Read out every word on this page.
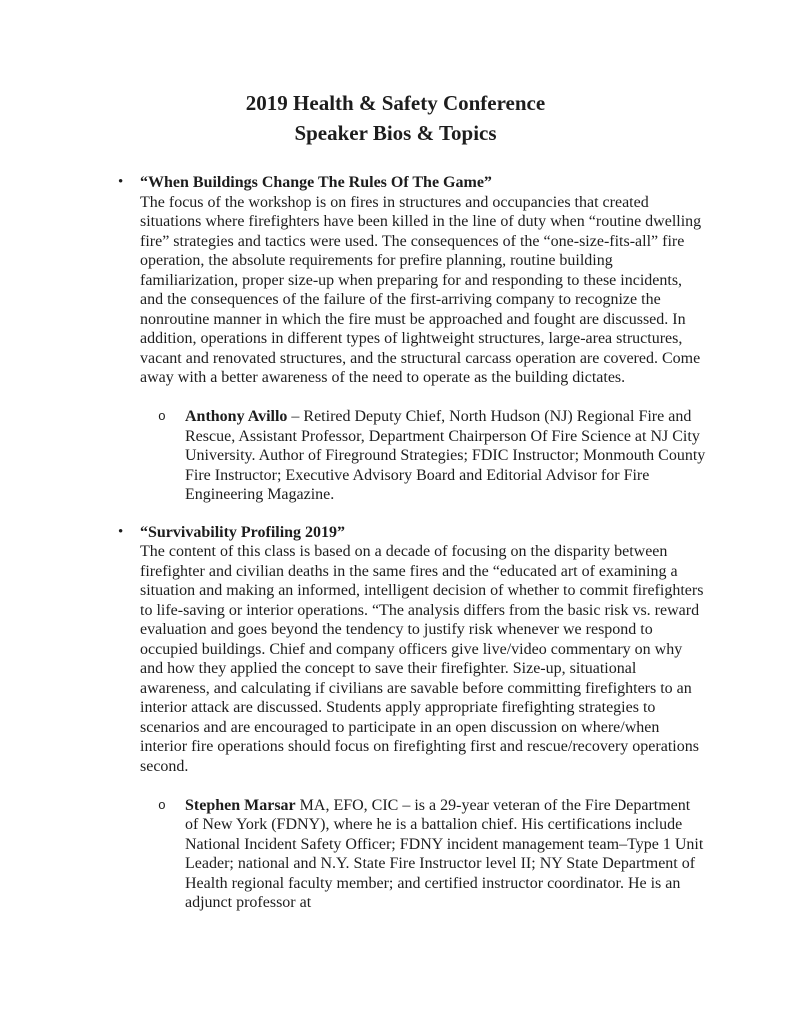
2019 Health & Safety Conference
Speaker Bios & Topics
•	“When Buildings Change The Rules Of The Game”
The focus of the workshop is on fires in structures and occupancies that created situations where firefighters have been killed in the line of duty when “routine dwelling fire” strategies and tactics were used. The consequences of the “one-size-fits-all” fire operation, the absolute requirements for prefire planning, routine building familiarization, proper size-up when preparing for and responding to these incidents, and the consequences of the failure of the first-arriving company to recognize the nonroutine manner in which the fire must be approached and fought are discussed. In addition, operations in different types of lightweight structures, large-area structures, vacant and renovated structures, and the structural carcass operation are covered. Come away with a better awareness of the need to operate as the building dictates.
o	Anthony Avillo – Retired Deputy Chief, North Hudson (NJ) Regional Fire and Rescue, Assistant Professor, Department Chairperson Of Fire Science at NJ City University. Author of Fireground Strategies; FDIC Instructor; Monmouth County Fire Instructor; Executive Advisory Board and Editorial Advisor for Fire Engineering Magazine.
•	“Survivability Profiling 2019”
The content of this class is based on a decade of focusing on the disparity between firefighter and civilian deaths in the same fires and the “educated art of examining a situation and making an informed, intelligent decision of whether to commit firefighters to life-saving or interior operations. “The analysis differs from the basic risk vs. reward evaluation and goes beyond the tendency to justify risk whenever we respond to occupied buildings. Chief and company officers give live/video commentary on why and how they applied the concept to save their firefighter. Size-up, situational awareness, and calculating if civilians are savable before committing firefighters to an interior attack are discussed. Students apply appropriate firefighting strategies to scenarios and are encouraged to participate in an open discussion on where/when interior fire operations should focus on firefighting first and rescue/recovery operations second.
o	Stephen Marsar MA, EFO, CIC – is a 29-year veteran of the Fire Department of New York (FDNY), where he is a battalion chief. His certifications include National Incident Safety Officer; FDNY incident management team–Type 1 Unit Leader; national and N.Y. State Fire Instructor level II; NY State Department of Health regional faculty member; and certified instructor coordinator. He is an adjunct professor at
